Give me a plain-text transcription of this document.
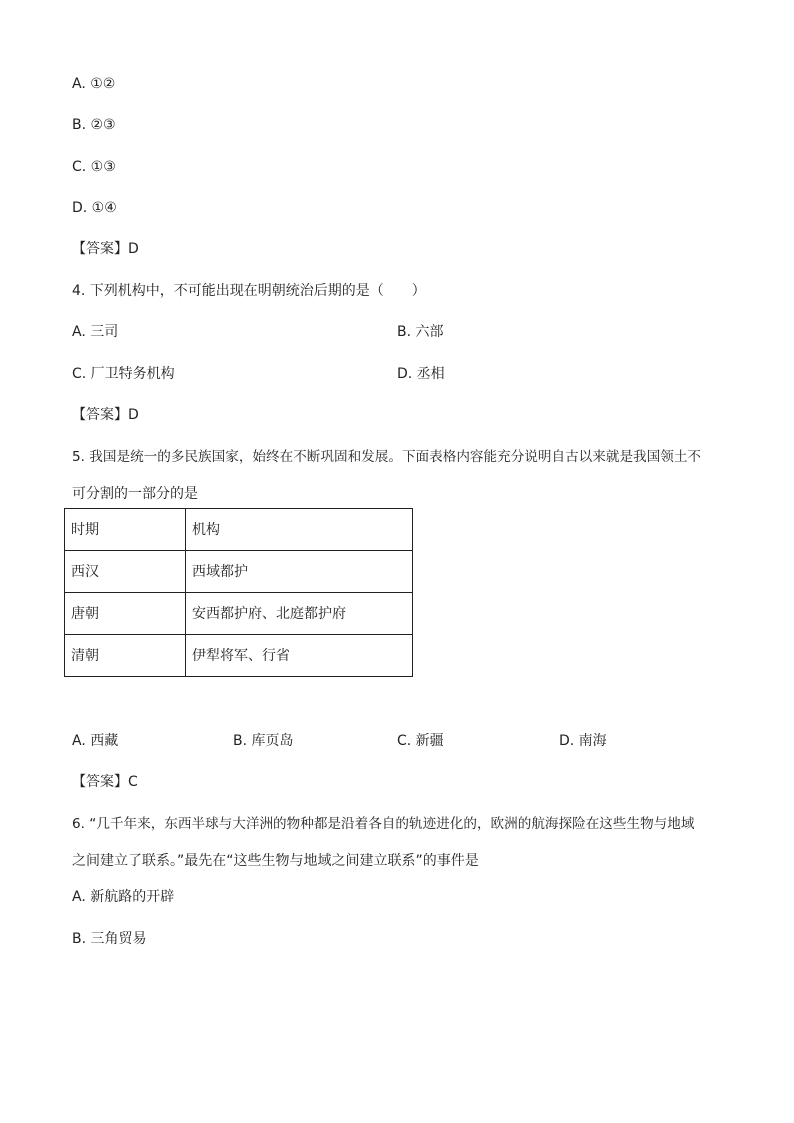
A. ①②
B. ②③
C. ①③
D. ①④
【答案】D
4. 下列机构中，不可能出现在明朝统治后期的是（　　）
A. 三司	B. 六部
C. 厂卫特务机构	D. 丞相
【答案】D
5. 我国是统一的多民族国家，始终在不断巩固和发展。下面表格内容能充分说明自古以来就是我国领土不
可分割的一部分的是
时期	机构
西汉	西域都护
唐朝	安西都护府、北庭都护府
清朝	伊犁将军、行省
A. 西藏	B. 库页岛	C. 新疆	D. 南海
【答案】C
6. “几千年来，东西半球与大洋洲的物种都是沿着各自的轨迹进化的，欧洲的航海探险在这些生物与地域
之间建立了联系。”最先在“这些生物与地域之间建立联系”的事件是
A. 新航路的开辟
B. 三角贸易
